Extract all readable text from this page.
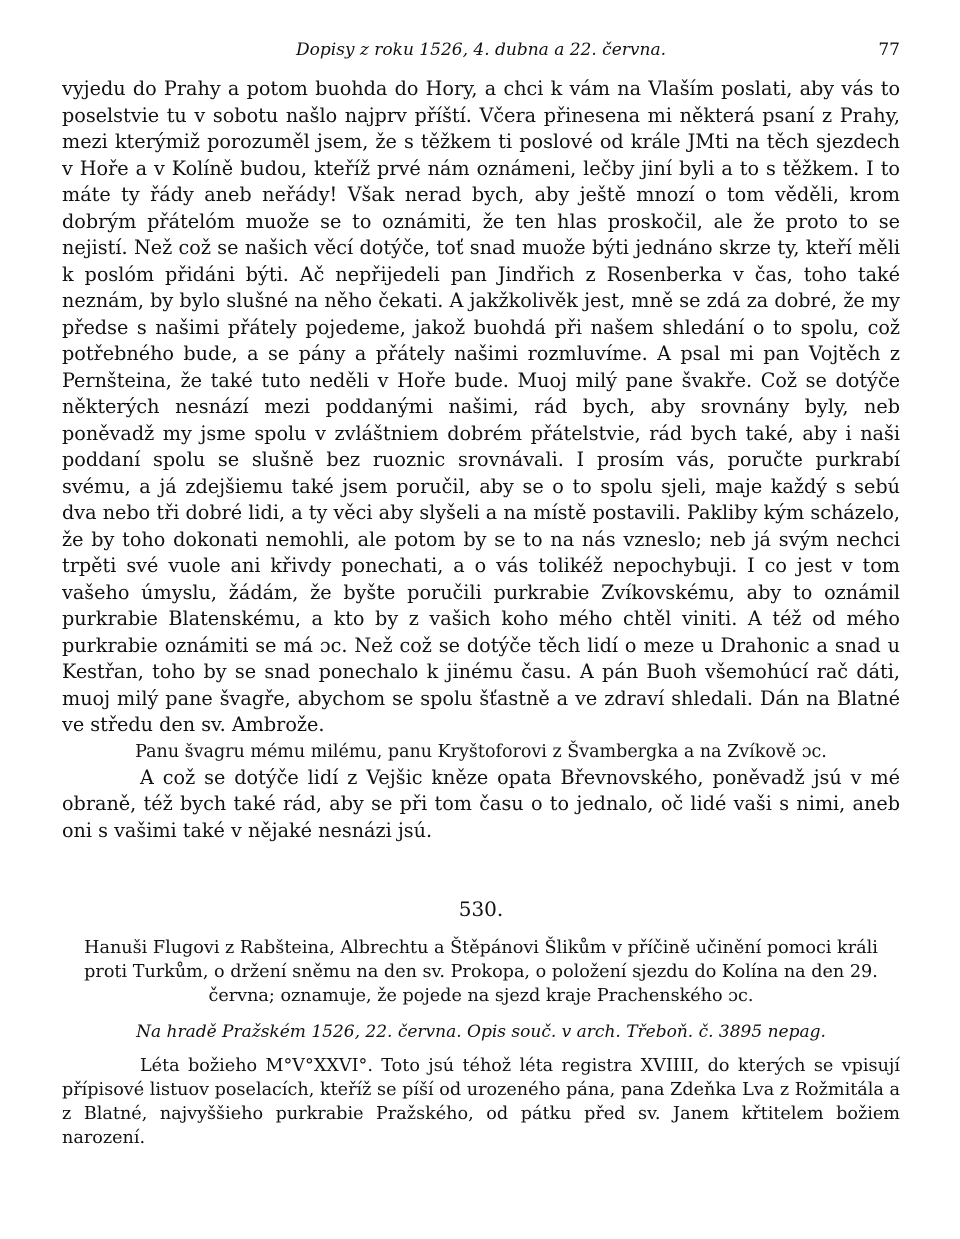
Dopisy z roku 1526, 4. dubna a 22. června.	77

vyjedu do Prahy a potom buohda do Hory, a chci k vám na Vlaším poslati, aby vás to poselstvie tu v sobotu našlo najprv příští. Včera přinesena mi některá psaní z Prahy, mezi kterýmiž porozuměl jsem, že s těžkem ti poslové od krále JMti na těch sjezdech v Hoře a v Kolíně budou, kteříž prvé nám oznámeni, lečby jiní byli a to s těžkem. I to máte ty řády aneb neřády! Však nerad bych, aby ještě mnozí o tom věděli, krom dobrým přátelóm muože se to oznámiti, že ten hlas proskočil, ale že proto to se nejistí. Než což se našich věcí dotýče, toť snad muože býti jednáno skrze ty, kteří měli k poslóm přidáni býti. Ač nepřijedeli pan Jindřich z Rosenberka v čas, toho také neznám, by bylo slušné na něho čekati. A jakžkolivěk jest, mně se zdá za dobré, že my předse s našimi přátely pojedeme, jakož buohdá při našem shledání o to spolu, což potřebného bude, a se pány a přátely našimi rozmluvíme. A psal mi pan Vojtěch z Pernšteina, že také tuto neděli v Hoře bude. Muoj milý pane švakře. Což se dotýče některých nesnází mezi poddanými našimi, rád bych, aby srovnány byly, neb poněvadž my jsme spolu v zvláštniem dobrém přátelstvie, rád bych také, aby i naši poddaní spolu se slušně bez ruoznic srovnávali. I prosím vás, poručte purkrabí svému, a já zdejšiemu také jsem poručil, aby se o to spolu sjeli, maje každý s sebú dva nebo tři dobré lidi, a ty věci aby slyšeli a na místě postavili. Pakliby kým scházelo, že by toho dokonati nemohli, ale potom by se to na nás vzneslo; neb já svým nechci trpěti své vuole ani křivdy ponechati, a o vás tolikéž nepochybuji. I co jest v tom vašeho úmyslu, žádám, že byšte poručili purkrabie Zvíkovskému, aby to oznámil purkrabie Blatenskému, a kto by z vašich koho mého chtěl viniti. A též od mého purkrabie oznámiti se má ɔc. Než což se dotýče těch lidí o meze u Drahonic a snad u Kestřan, toho by se snad ponechalo k jinému času. A pán Buoh všemohúcí rač dáti, muoj milý pane švagře, abychom se spolu šťastně a ve zdraví shledali. Dán na Blatné ve středu den sv. Ambrože.

Panu švagru mému milému, panu Kryštoforovi z Švambergka a na Zvíkově ɔc.

A což se dotýče lidí z Vejšic kněze opata Břevnovského, poněvadž jsú v mé obraně, též bych také rád, aby se při tom času o to jednalo, oč lidé vaši s nimi, aneb oni s vašimi také v nějaké nesnázi jsú.

530.
Hanuši Flugovi z Rabšteina, Albrechtu a Štěpánovi Šlikům v příčině učinění pomoci králi proti Turkům, o držení sněmu na den sv. Prokopa, o položení sjezdu do Kolína na den 29. června; oznamuje, že pojede na sjezd kraje Prachenského ɔc.
Na hradě Pražském 1526, 22. června. Opis souč. v arch. Třeboň. č. 3895 nepag.

Léta božieho M°V°XXVI°. Toto jsú téhož léta registra XVIIII, do kterých se vpisují přípisové listuov poselacích, kteříž se píší od urozeného pána, pana Zdeňka Lva z Rožmitála a z Blatné, najvyššieho purkrabie Pražského, od pátku před sv. Janem křtitelem božiem narození.
